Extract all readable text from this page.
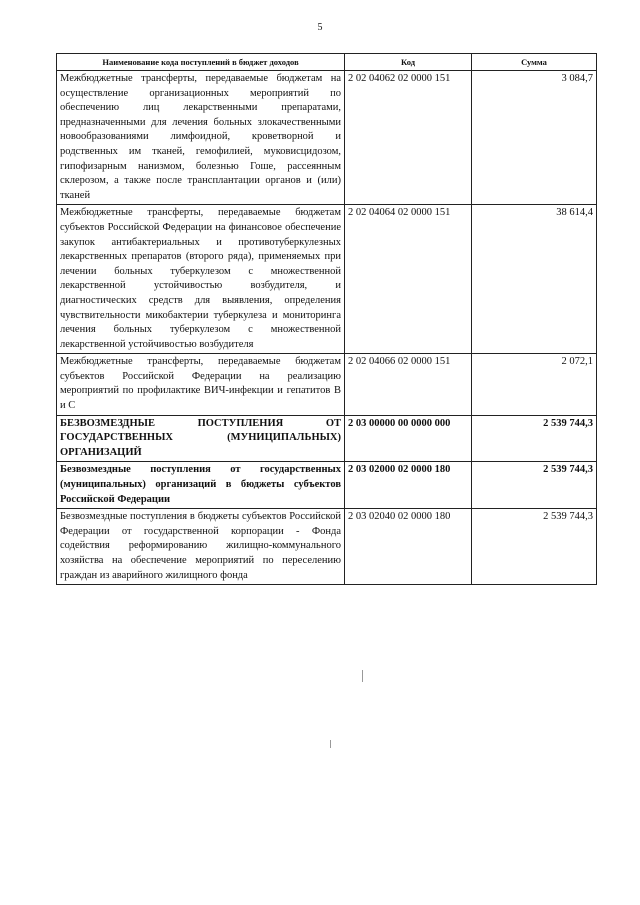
5
Наименование кода поступлений в бюджет доходов	Код	Сумма
Межбюджетные трансферты, передаваемые бюджетам на осуществление организационных мероприятий по обеспечению лиц лекарственными препаратами, предназначенными для лечения больных злокачественными новообразованиями лимфоидной, кроветворной и родственных им тканей, гемофилией, муковисцидозом, гипофизарным нанизмом, болезнью Гоше, рассеянным склерозом, а также после трансплантации органов и (или) тканей	2 02 04062 02 0000 151	3 084,7
Межбюджетные трансферты, передаваемые бюджетам субъектов Российской Федерации на финансовое обеспечение закупок антибактериальных и противотуберкулезных лекарственных препаратов (второго ряда), применяемых при лечении больных туберкулезом с множественной лекарственной устойчивостью возбудителя, и диагностических средств для выявления, определения чувствительности микобактерии туберкулеза и мониторинга лечения больных туберкулезом с множественной лекарственной устойчивостью возбудителя	2 02 04064 02 0000 151	38 614,4
Межбюджетные трансферты, передаваемые бюджетам субъектов Российской Федерации на реализацию мероприятий по профилактике ВИЧ-инфекции и гепатитов В и С	2 02 04066 02 0000 151	2 072,1
БЕЗВОЗМЕЗДНЫЕ ПОСТУПЛЕНИЯ ОТ ГОСУДАРСТВЕННЫХ (МУНИЦИПАЛЬНЫХ) ОРГАНИЗАЦИЙ	2 03 00000 00 0000 000	2 539 744,3
Безвозмездные поступления от государственных (муниципальных) организаций в бюджеты субъектов Российской Федерации	2 03 02000 02 0000 180	2 539 744,3
Безвозмездные поступления в бюджеты субъектов Российской Федерации от государственной корпорации - Фонда содействия реформированию жилищно-коммунального хозяйства на обеспечение мероприятий по переселению граждан из аварийного жилищного фонда	2 03 02040 02 0000 180	2 539 744,3
